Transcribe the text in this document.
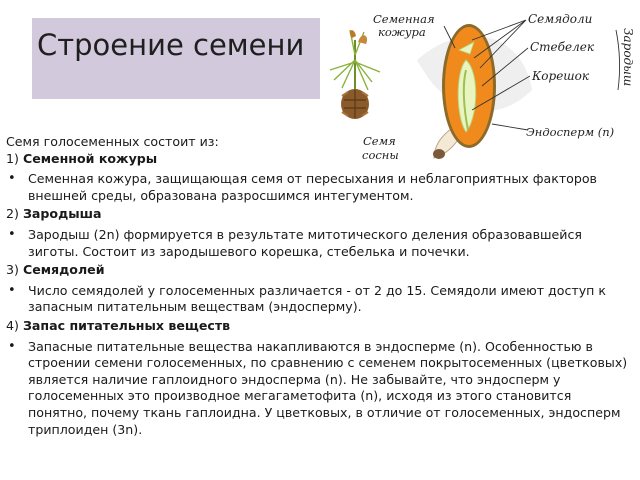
Строение семени
Семенная
кожура
Семядоли
Стебелек
Корешок
Эндосперм (n)
Семя
сосны
Зародыш

Семя голосеменных состоит из:

1) Семенной кожуры

• Семенная кожура, защищающая семя от пересыхания и неблагоприятных факторов внешней среды, образована разросшимся интегументом.

2) Зародыша

• Зародыш (2n) формируется в результате митотического деления образовавшейся зиготы. Состоит из зародышевого корешка, стебелька и почечки.

3) Семядолей

• Число семядолей у голосеменных различается - от 2 до 15. Семядоли имеют доступ к запасным питательным веществам (эндосперму).

4) Запас питательных веществ

• Запасные питательные вещества накапливаются в эндосперме (n). Особенностью в строении семени голосеменных, по сравнению с семенем покрытосеменных (цветковых) является наличие гаплоидного эндосперма (n). Не забывайте, что эндосперм у голосеменных это производное мегагаметофита (n), исходя из этого становится понятно, почему ткань гаплоидна. У цветковых, в отличие от голосеменных, эндосперм триплоиден (3n).
